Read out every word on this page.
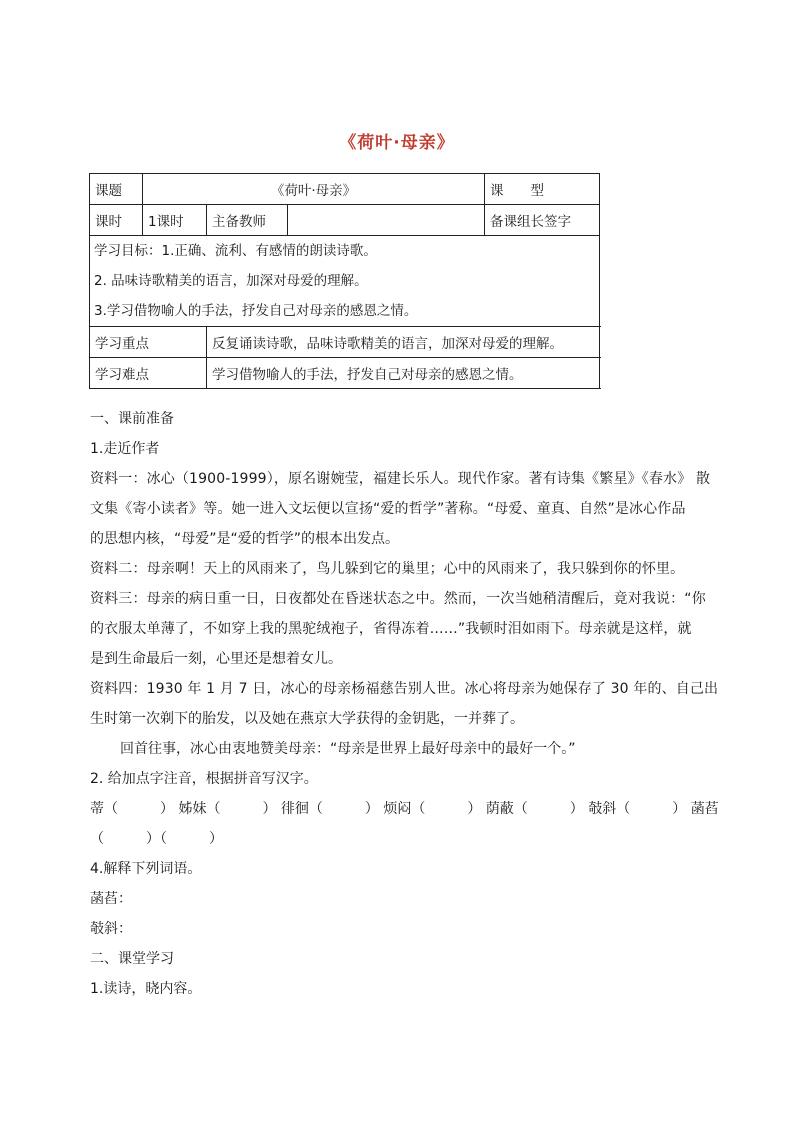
《荷叶·母亲》
课题	《荷叶·母亲》			课　　型	
课时	1课时	主备教师		备课组长签字	

学习目标：1.正确、流利、有感情的朗读诗歌。
2. 品味诗歌精美的语言，加深对母爱的理解。
3.学习借物喻人的手法，抒发自己对母亲的感恩之情。					

学习重点		反复诵读诗歌，品味诗歌精美的语言，加深对母爱的理解。			
学习难点		学习借物喻人的手法，抒发自己对母亲的感恩之情。			
一、课前准备
1.走近作者
资料一：冰心（1900-1999），原名谢婉莹，福建长乐人。现代作家。著有诗集《繁星》《春水》 散
文集《寄小读者》等。她一进入文坛便以宣扬“爱的哲学”著称。“母爱、童真、自然”是冰心作品
的思想内核，“母爱”是“爱的哲学”的根本出发点。
资料二：母亲啊！天上的风雨来了，鸟儿躲到它的巢里；心中的风雨来了，我只躲到你的怀里。
资料三：母亲的病日重一日，日夜都处在昏迷状态之中。然而，一次当她稍清醒后，竟对我说：“你
的衣服太单薄了，不如穿上我的黑驼绒袍子，省得冻着……”我顿时泪如雨下。母亲就是这样，就
是到生命最后一刻，心里还是想着女儿。
资料四：1930 年 1 月 7 日，冰心的母亲杨福慈告别人世。冰心将母亲为她保存了 30 年的、自己出
生时第一次剃下的胎发，以及她在燕京大学获得的金钥匙，一并葬了。
回首往事，冰心由衷地赞美母亲：“母亲是世界上最好母亲中的最好一个。”
2. 给加点字注音，根据拼音写汉字。
蒂（　　　） 姊妹（　　　） 徘徊（　　　） 烦闷（　　　） 荫蔽（　　　） 攲斜（　　　） 菡萏
（　　　）（　　　）
4.解释下列词语。
菡萏：
攲斜：
二、课堂学习
1.读诗，晓内容。
